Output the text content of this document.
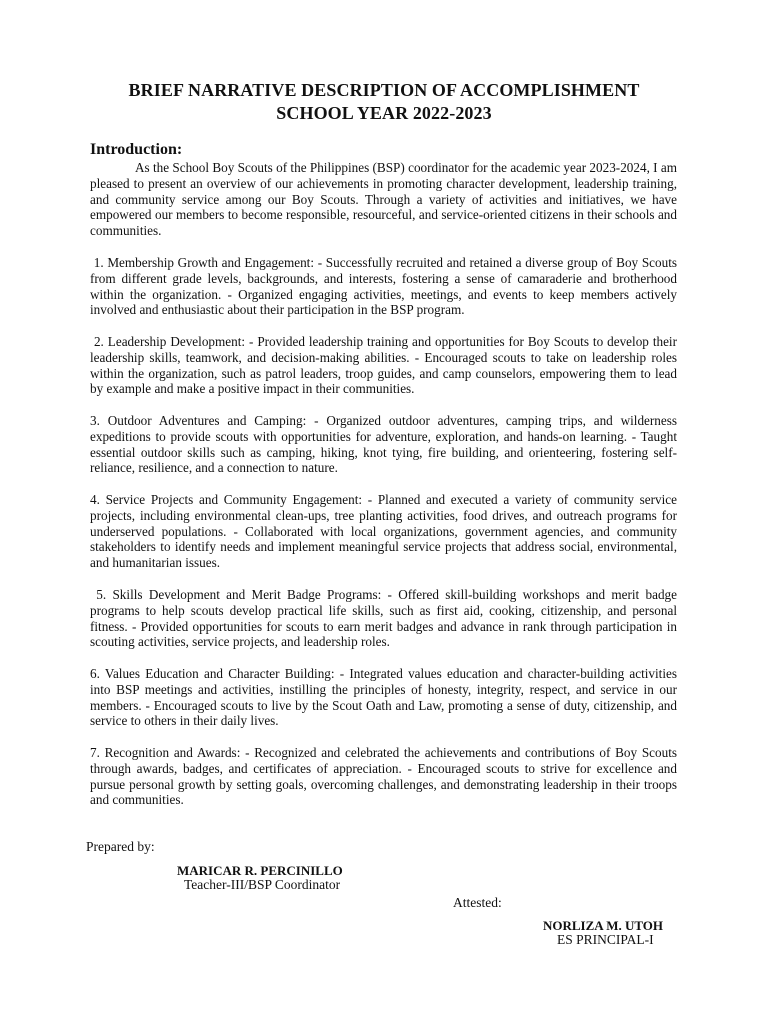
BRIEF NARRATIVE DESCRIPTION OF ACCOMPLISHMENT
SCHOOL YEAR 2022-2023
Introduction:

As the School Boy Scouts of the Philippines (BSP) coordinator for the academic year 2023-2024, I am pleased to present an overview of our achievements in promoting character development, leadership training, and community service among our Boy Scouts. Through a variety of activities and initiatives, we have empowered our members to become responsible, resourceful, and service-oriented citizens in their schools and communities.

1. Membership Growth and Engagement: - Successfully recruited and retained a diverse group of Boy Scouts from different grade levels, backgrounds, and interests, fostering a sense of camaraderie and brotherhood within the organization. - Organized engaging activities, meetings, and events to keep members actively involved and enthusiastic about their participation in the BSP program.

2. Leadership Development: - Provided leadership training and opportunities for Boy Scouts to develop their leadership skills, teamwork, and decision-making abilities. - Encouraged scouts to take on leadership roles within the organization, such as patrol leaders, troop guides, and camp counselors, empowering them to lead by example and make a positive impact in their communities.

3. Outdoor Adventures and Camping: - Organized outdoor adventures, camping trips, and wilderness expeditions to provide scouts with opportunities for adventure, exploration, and hands-on learning. - Taught essential outdoor skills such as camping, hiking, knot tying, fire building, and orienteering, fostering self-reliance, resilience, and a connection to nature.

4. Service Projects and Community Engagement: - Planned and executed a variety of community service projects, including environmental clean-ups, tree planting activities, food drives, and outreach programs for underserved populations. - Collaborated with local organizations, government agencies, and community stakeholders to identify needs and implement meaningful service projects that address social, environmental, and humanitarian issues.

5. Skills Development and Merit Badge Programs: - Offered skill-building workshops and merit badge programs to help scouts develop practical life skills, such as first aid, cooking, citizenship, and personal fitness. - Provided opportunities for scouts to earn merit badges and advance in rank through participation in scouting activities, service projects, and leadership roles.

6. Values Education and Character Building: - Integrated values education and character-building activities into BSP meetings and activities, instilling the principles of honesty, integrity, respect, and service in our members. - Encouraged scouts to live by the Scout Oath and Law, promoting a sense of duty, citizenship, and service to others in their daily lives.

7. Recognition and Awards: - Recognized and celebrated the achievements and contributions of Boy Scouts through awards, badges, and certificates of appreciation. - Encouraged scouts to strive for excellence and pursue personal growth by setting goals, overcoming challenges, and demonstrating leadership in their troops and communities.

Prepared by:
MARICAR R. PERCINILLO
Teacher-III/BSP Coordinator
Attested:
NORLIZA M. UTOH
ES PRINCIPAL-I
